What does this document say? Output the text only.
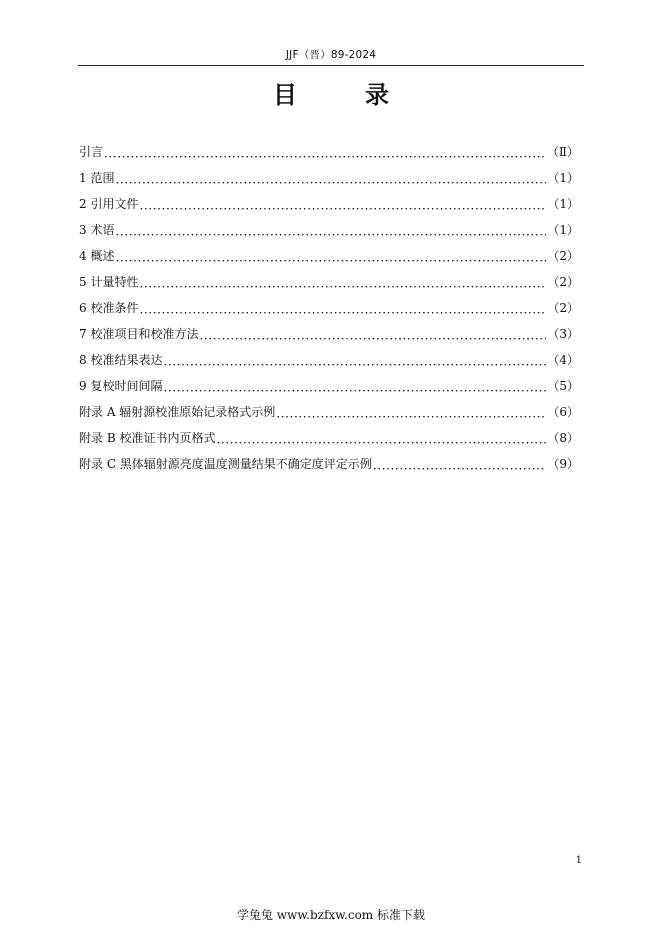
JJF（晋）89-2024
目　录
引言 ·····	（Ⅱ）
1 范围 ·····	（1）
2 引用文件 ·····	（1）
3 术语 ·····	（1）
4 概述 ·····	（2）
5 计量特性 ·····	（2）
6 校准条件 ·····	（2）
7 校准项目和校准方法 ·····	（3）
8 校准结果表达 ·····	（4）
9 复校时间间隔 ·····	（5）
附录 A 辐射源校准原始记录格式示例 ·····	（6）
附录 B 校准证书内页格式 ·····	（8）
附录 C 黑体辐射源亮度温度测量结果不确定度评定示例 ·····	（9）
1
学兔兔 www.bzfxw.com 标准下载
